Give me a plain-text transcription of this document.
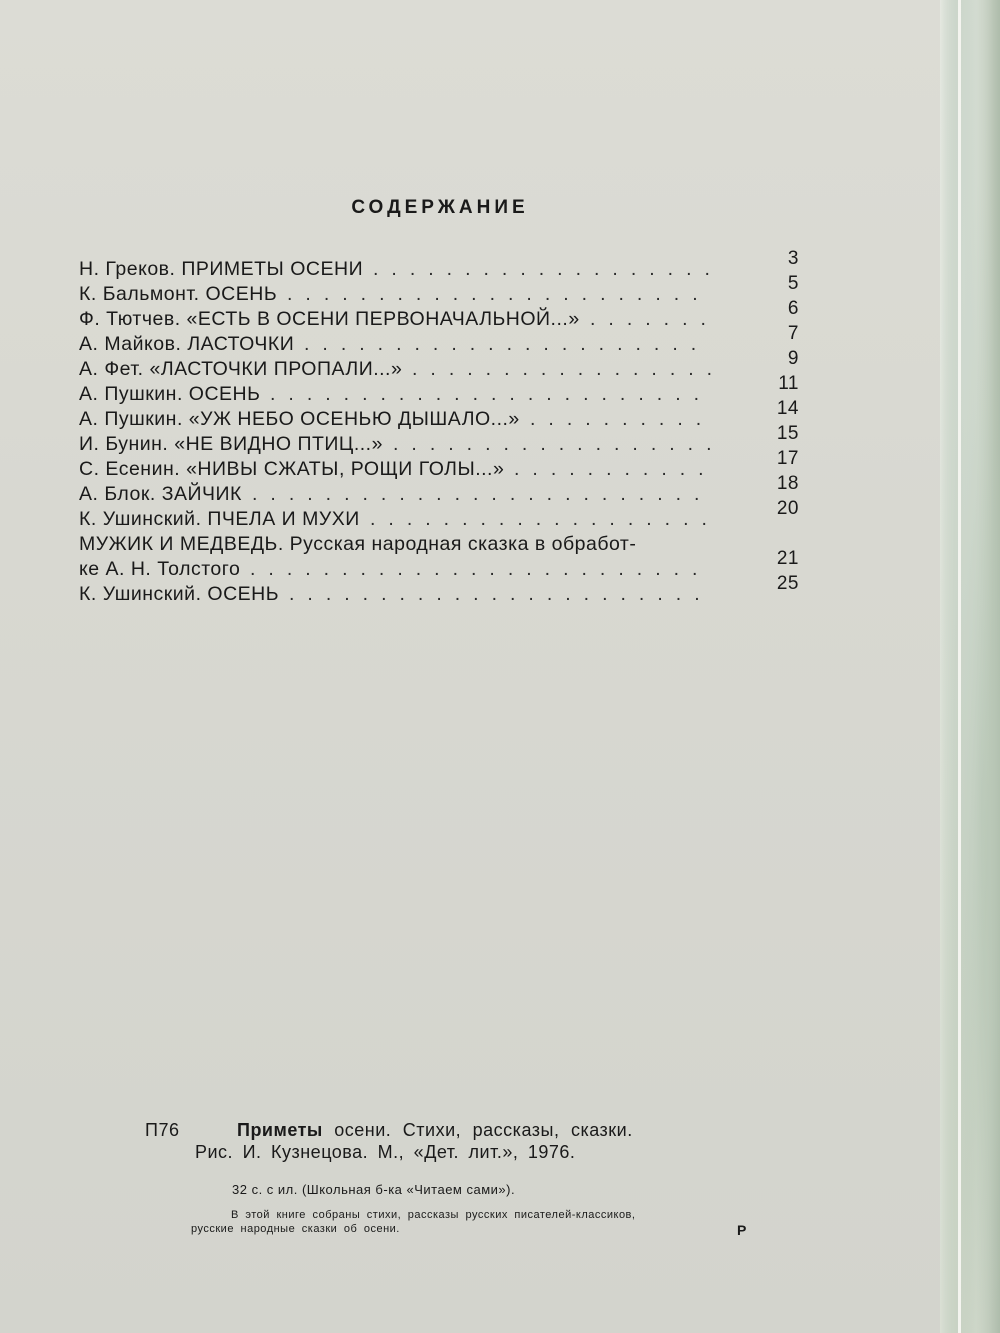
СОДЕРЖАНИЕ
Н. Греков. ПРИМЕТЫ ОСЕНИ ...................	3
К. Бальмонт. ОСЕНЬ .......................	5
Ф. Тютчев. «ЕСТЬ В ОСЕНИ ПЕРВОНАЧАЛЬНОЙ...» .......	6
А. Майков. ЛАСТОЧКИ ......................	7
А. Фет. «ЛАСТОЧКИ ПРОПАЛИ...» .................	9
А. Пушкин. ОСЕНЬ ........................	11
А. Пушкин. «УЖ НЕБО ОСЕНЬЮ ДЫШАЛО...» ..........	14
И. Бунин. «НЕ ВИДНО ПТИЦ...» ..................	15
С. Есенин. «НИВЫ СЖАТЫ, РОЩИ ГОЛЫ...» ...........	17
А. Блок. ЗАЙЧИК .........................	18
К. Ушинский. ПЧЕЛА И МУХИ ...................	20
МУЖИК И МЕДВЕДЬ. Русская народная сказка в обработ-
ке А. Н. Толстого .........................	21
К. Ушинский. ОСЕНЬ .......................	25
П76	Приметы осени. Стихи, рассказы, сказки.
Рис. И. Кузнецова. М., «Дет. лит.», 1976.
32 с. с ил. (Школьная б-ка «Читаем сами»).
В этой книге собраны стихи, рассказы русских писателей-классиков,
русские народные сказки об осени.	Р
